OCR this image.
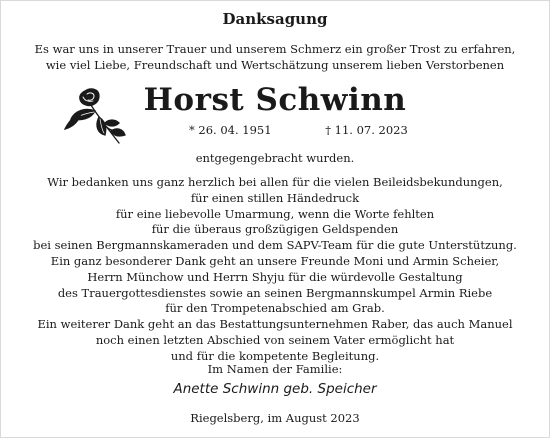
Danksagung
Es war uns in unserer Trauer und unserem Schmerz ein großer Trost zu erfahren,
wie viel Liebe, Freundschaft und Wertschätzung unserem lieben Verstorbenen
Horst Schwinn
* 26. 04. 1951	† 11. 07. 2023
entgegengebracht wurden.
Wir bedanken uns ganz herzlich bei allen für die vielen Beileidsbekundungen,
für einen stillen Händedruck
für eine liebevolle Umarmung, wenn die Worte fehlten
für die überaus großzügigen Geldspenden
bei seinen Bergmannskameraden und dem SAPV-Team für die gute Unterstützung.
Ein ganz besonderer Dank geht an unsere Freunde Moni und Armin Scheier,
Herrn Münchow und Herrn Shyju für die würdevolle Gestaltung
des Trauergottesdienstes sowie an seinen Bergmannskumpel Armin Riebe
für den Trompetenabschied am Grab.
Ein weiterer Dank geht an das Bestattungsunternehmen Raber, das auch Manuel
noch einen letzten Abschied von seinem Vater ermöglicht hat
und für die kompetente Begleitung.
Im Namen der Familie:
Anette Schwinn geb. Speicher
Riegelsberg, im August 2023
